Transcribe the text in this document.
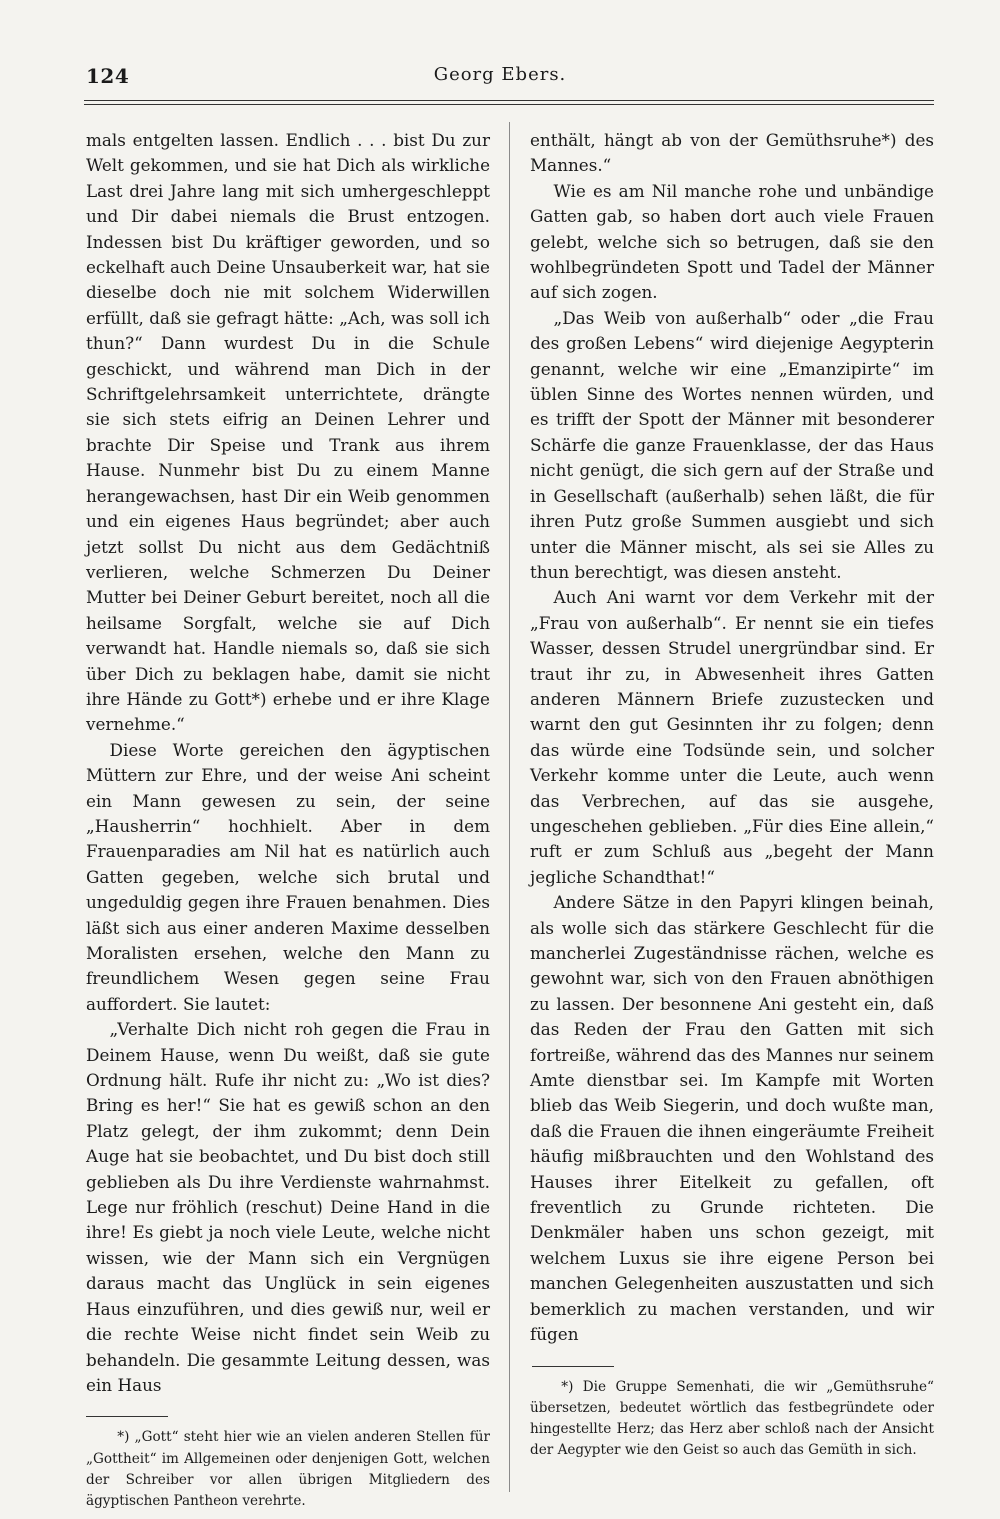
124	Georg Ebers.

mals entgelten lassen. Endlich . . . bist Du zur Welt gekommen, und sie hat Dich als wirkliche Last drei Jahre lang mit sich umhergeschleppt und Dir dabei niemals die Brust entzogen. Indessen bist Du kräftiger geworden, und so eckelhaft auch Deine Unsauberkeit war, hat sie dieselbe doch nie mit solchem Widerwillen erfüllt, daß sie gefragt hätte: „Ach, was soll ich thun?“ Dann wurdest Du in die Schule geschickt, und während man Dich in der Schriftgelehrsamkeit unterrichtete, drängte sie sich stets eifrig an Deinen Lehrer und brachte Dir Speise und Trank aus ihrem Hause. Nunmehr bist Du zu einem Manne herangewachsen, hast Dir ein Weib genommen und ein eigenes Haus begründet; aber auch jetzt sollst Du nicht aus dem Gedächtniß verlieren, welche Schmerzen Du Deiner Mutter bei Deiner Geburt bereitet, noch all die heilsame Sorgfalt, welche sie auf Dich verwandt hat. Handle niemals so, daß sie sich über Dich zu beklagen habe, damit sie nicht ihre Hände zu Gott*) erhebe und er ihre Klage vernehme.“

Diese Worte gereichen den ägyptischen Müttern zur Ehre, und der weise Ani scheint ein Mann gewesen zu sein, der seine „Hausherrin“ hochhielt. Aber in dem Frauenparadies am Nil hat es natürlich auch Gatten gegeben, welche sich brutal und ungeduldig gegen ihre Frauen benahmen. Dies läßt sich aus einer anderen Maxime desselben Moralisten ersehen, welche den Mann zu freundlichem Wesen gegen seine Frau auffordert. Sie lautet:

„Verhalte Dich nicht roh gegen die Frau in Deinem Hause, wenn Du weißt, daß sie gute Ordnung hält. Rufe ihr nicht zu: „Wo ist dies? Bring es her!“ Sie hat es gewiß schon an den Platz gelegt, der ihm zukommt; denn Dein Auge hat sie beobachtet, und Du bist doch still geblieben als Du ihre Verdienste wahrnahmst. Lege nur fröhlich (reschut) Deine Hand in die ihre! Es giebt ja noch viele Leute, welche nicht wissen, wie der Mann sich ein Vergnügen daraus macht das Unglück in sein eigenes Haus einzuführen, und dies gewiß nur, weil er die rechte Weise nicht findet sein Weib zu behandeln. Die gesammte Leitung dessen, was ein Haus

*) „Gott“ steht hier wie an vielen anderen Stellen für „Gottheit“ im Allgemeinen oder denjenigen Gott, welchen der Schreiber vor allen übrigen Mitgliedern des ägyptischen Pantheon verehrte.

enthält, hängt ab von der Gemüthsruhe*) des Mannes.“

Wie es am Nil manche rohe und unbändige Gatten gab, so haben dort auch viele Frauen gelebt, welche sich so betrugen, daß sie den wohlbegründeten Spott und Tadel der Männer auf sich zogen.

„Das Weib von außerhalb“ oder „die Frau des großen Lebens“ wird diejenige Aegypterin genannt, welche wir eine „Emanzipirte“ im üblen Sinne des Wortes nennen würden, und es trifft der Spott der Männer mit besonderer Schärfe die ganze Frauenklasse, der das Haus nicht genügt, die sich gern auf der Straße und in Gesellschaft (außerhalb) sehen läßt, die für ihren Putz große Summen ausgiebt und sich unter die Männer mischt, als sei sie Alles zu thun berechtigt, was diesen ansteht.

Auch Ani warnt vor dem Verkehr mit der „Frau von außerhalb“. Er nennt sie ein tiefes Wasser, dessen Strudel unergründbar sind. Er traut ihr zu, in Abwesenheit ihres Gatten anderen Männern Briefe zuzustecken und warnt den gut Gesinnten ihr zu folgen; denn das würde eine Todsünde sein, und solcher Verkehr komme unter die Leute, auch wenn das Verbrechen, auf das sie ausgehe, ungeschehen geblieben. „Für dies Eine allein,“ ruft er zum Schluß aus „begeht der Mann jegliche Schandthat!“

Andere Sätze in den Papyri klingen beinah, als wolle sich das stärkere Geschlecht für die mancherlei Zugeständnisse rächen, welche es gewohnt war, sich von den Frauen abnöthigen zu lassen. Der besonnene Ani gesteht ein, daß das Reden der Frau den Gatten mit sich fortreiße, während das des Mannes nur seinem Amte dienstbar sei. Im Kampfe mit Worten blieb das Weib Siegerin, und doch wußte man, daß die Frauen die ihnen eingeräumte Freiheit häufig mißbrauchten und den Wohlstand des Hauses ihrer Eitelkeit zu gefallen, oft freventlich zu Grunde richteten. Die Denkmäler haben uns schon gezeigt, mit welchem Luxus sie ihre eigene Person bei manchen Gelegenheiten auszustatten und sich bemerklich zu machen verstanden, und wir fügen

*) Die Gruppe Semenhati, die wir „Gemüthsruhe“ übersetzen, bedeutet wörtlich das festbegründete oder hingestellte Herz; das Herz aber schloß nach der Ansicht der Aegypter wie den Geist so auch das Gemüth in sich.
